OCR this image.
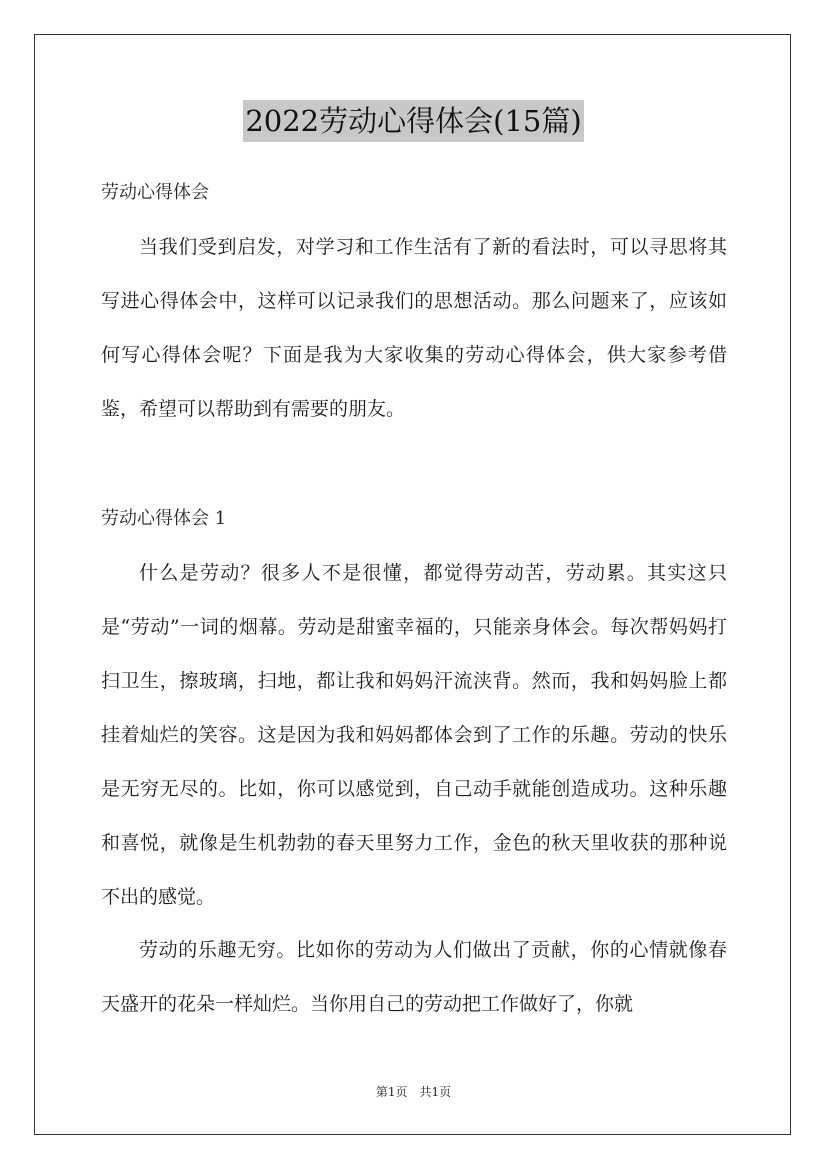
2022劳动心得体会(15篇)
劳动心得体会

当我们受到启发，对学习和工作生活有了新的看法时，可以寻思将其写进心得体会中，这样可以记录我们的思想活动。那么问题来了，应该如何写心得体会呢？下面是我为大家收集的劳动心得体会，供大家参考借鉴，希望可以帮助到有需要的朋友。

劳动心得体会 1

什么是劳动？很多人不是很懂，都觉得劳动苦，劳动累。其实这只是“劳动”一词的烟幕。劳动是甜蜜幸福的，只能亲身体会。每次帮妈妈打扫卫生，擦玻璃，扫地，都让我和妈妈汗流浃背。然而，我和妈妈脸上都挂着灿烂的笑容。这是因为我和妈妈都体会到了工作的乐趣。劳动的快乐是无穷无尽的。比如，你可以感觉到，自己动手就能创造成功。这种乐趣和喜悦，就像是生机勃勃的春天里努力工作，金色的秋天里收获的那种说不出的感觉。

劳动的乐趣无穷。比如你的劳动为人们做出了贡献，你的心情就像春天盛开的花朵一样灿烂。当你用自己的劳动把工作做好了，你就

第1页　共1页
